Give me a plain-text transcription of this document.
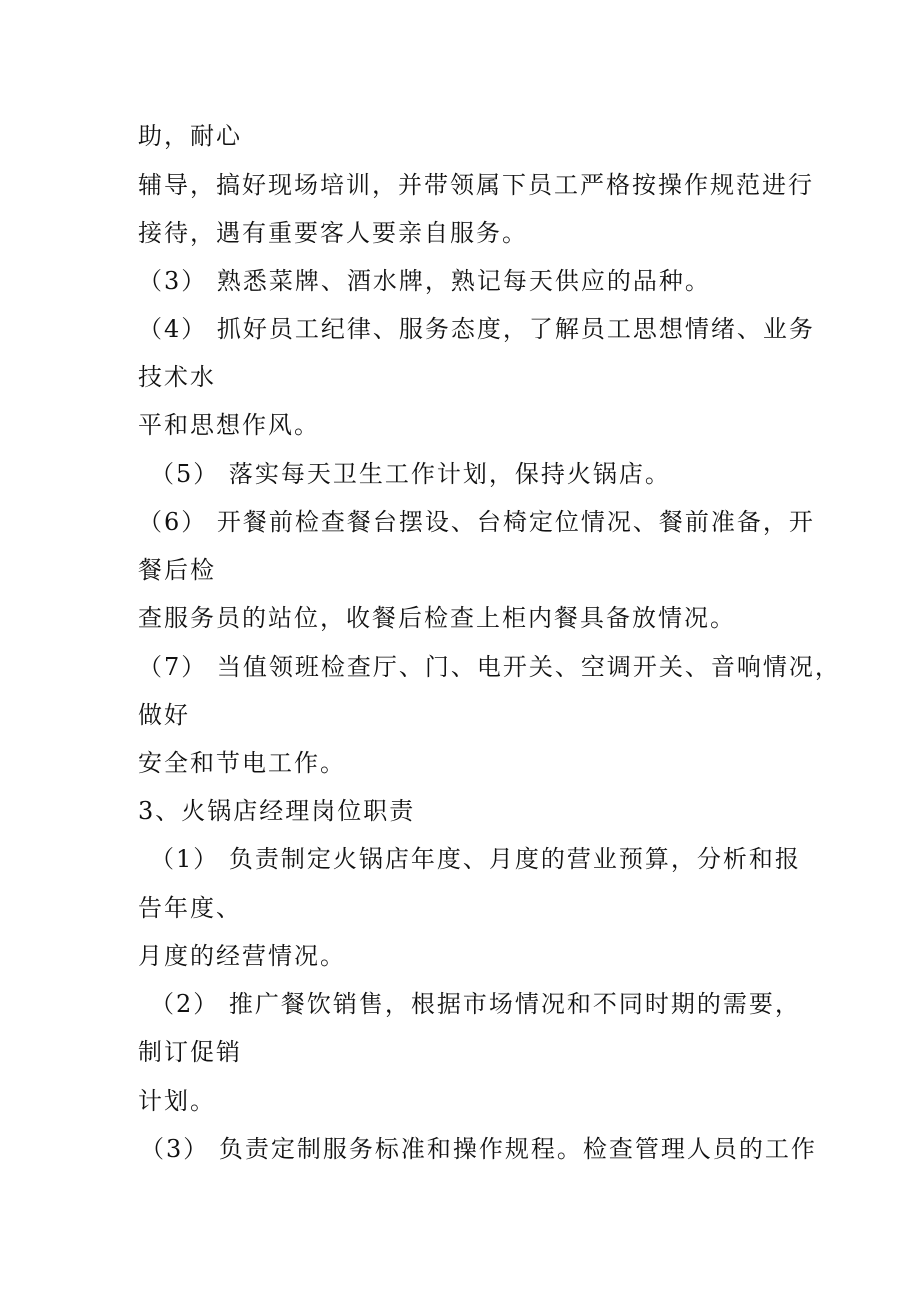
助，耐心
辅导，搞好现场培训，并带领属下员工严格按操作规范进行
接待，遇有重要客人要亲自服务。
（3） 熟悉菜牌、酒水牌，熟记每天供应的品种。
（4） 抓好员工纪律、服务态度，了解员工思想情绪、业务
技术水
平和思想作风。
（5） 落实每天卫生工作计划，保持火锅店。
（6） 开餐前检查餐台摆设、台椅定位情况、餐前准备，开
餐后检
查服务员的站位，收餐后检查上柜内餐具备放情况。
（7） 当值领班检查厅、门、电开关、空调开关、音响情况，
做好
安全和节电工作。
3、火锅店经理岗位职责
（1） 负责制定火锅店年度、月度的营业预算，分析和报
告年度、
月度的经营情况。
（2） 推广餐饮销售，根据市场情况和不同时期的需要，
制订促销
计划。
（3） 负责定制服务标准和操作规程。检查管理人员的工作
